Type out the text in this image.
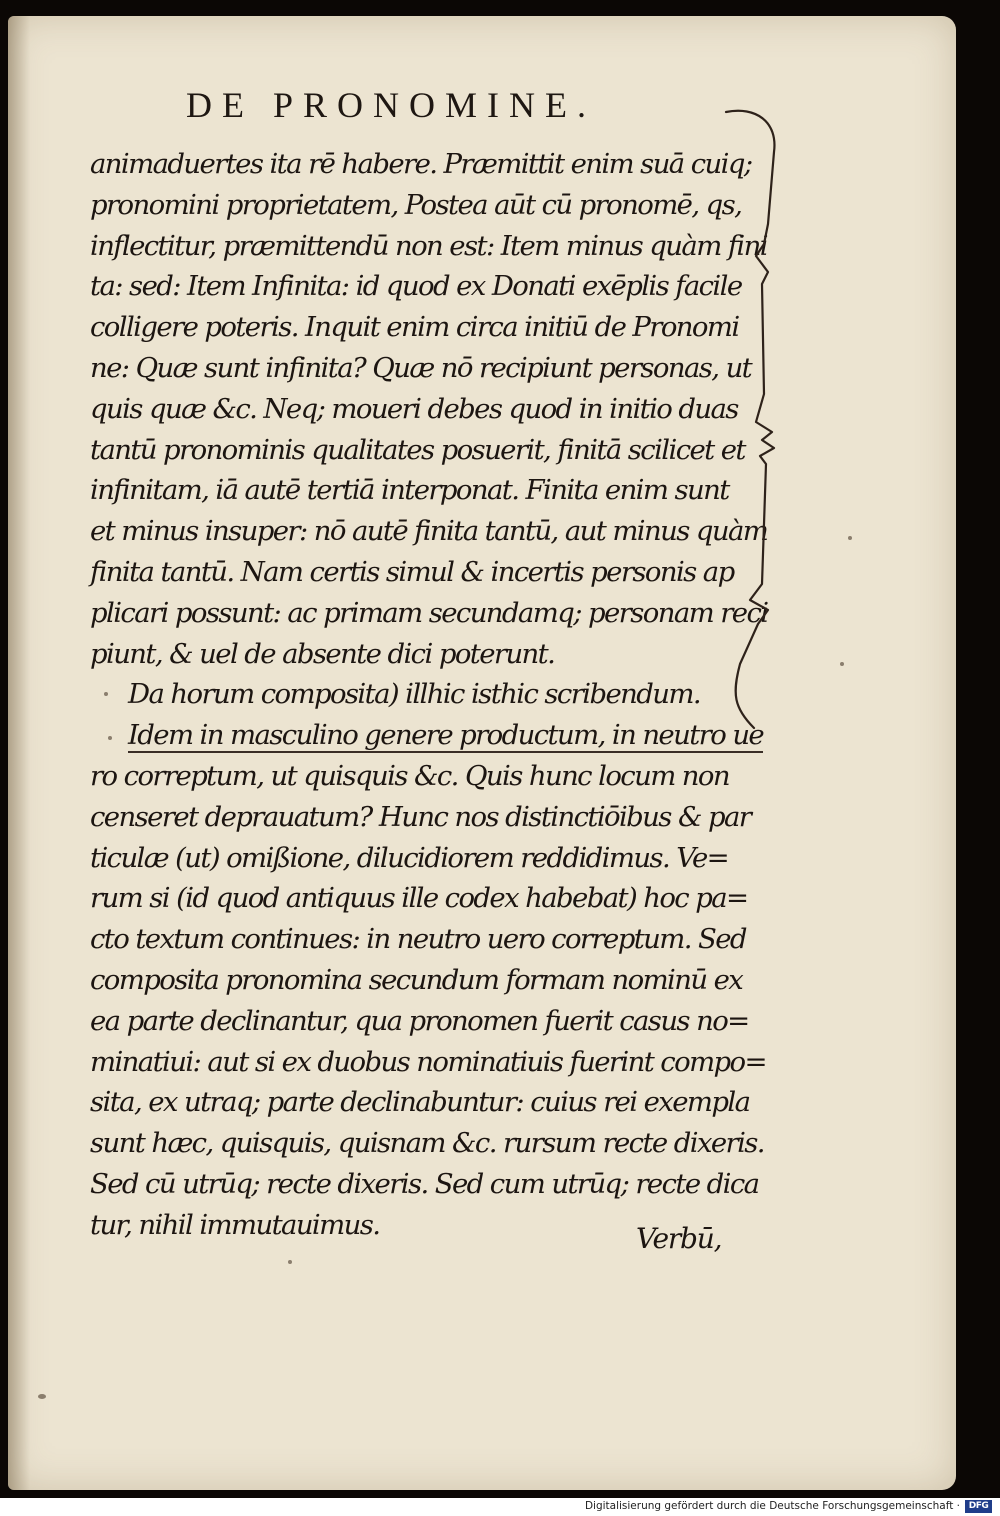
DE PRONOMINE.
animaduertes ita rē habere. Præmittit enim suā cuiq;
pronomini proprietatem, Postea aūt cū pronomē, qs,
inflectitur, præmittendū non est: Item minus quàm fini
ta: sed: Item Infinita: id quod ex Donati exēplis facile
colligere poteris. Inquit enim circa initiū de Pronomi
ne: Quæ sunt infinita? Quæ nō recipiunt personas, ut
quis quæ &c. Neq; moueri debes quod in initio duas
tantū pronominis qualitates posuerit, finitā scilicet et
infinitam, iā autē tertiā interponat. Finita enim sunt
et minus insuper: nō autē finita tantū, aut minus quàm
finita tantū. Nam certis simul & incertis personis ap
plicari possunt: ac primam secundamq; personam reci
piunt, & uel de absente dici poterunt.
Da horum composita) illhic isthic scribendum.
Idem in masculino genere productum, in neutro ue
ro correptum, ut quisquis &c. Quis hunc locum non
censeret deprauatum? Hunc nos distinctiōibus & par
ticulæ (ut) omißione, dilucidiorem reddidimus. Ve=
rum si (id quod antiquus ille codex habebat) hoc pa=
cto textum continues: in neutro uero correptum. Sed
composita pronomina secundum formam nominū ex
ea parte declinantur, qua pronomen fuerit casus no=
minatiui: aut si ex duobus nominatiuis fuerint compo=
sita, ex utraq; parte declinabuntur: cuius rei exempla
sunt hæc, quisquis, quisnam &c. rursum recte dixeris.
Sed cū utrūq; recte dixeris. Sed cum utrūq; recte dica
tur, nihil immutauimus.	Verbū,
Digitalisierung gefördert durch die Deutsche Forschungsgemeinschaft · DFG
